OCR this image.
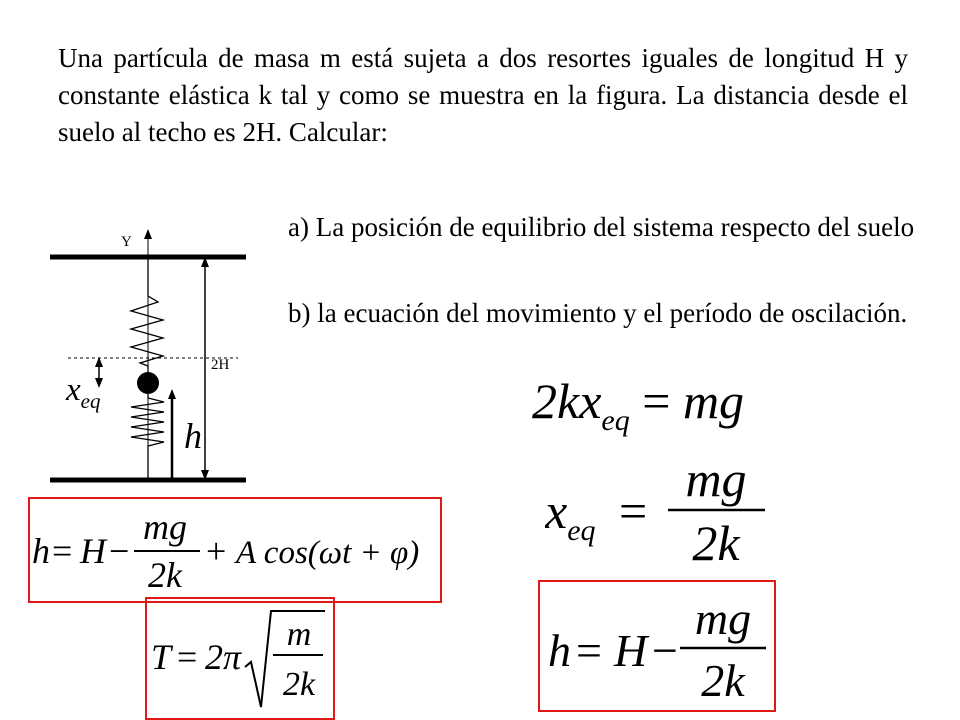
Una partícula de masa m está sujeta a dos resortes iguales de longitud H y constante elástica k tal y como se muestra en la figura. La distancia desde el suelo al techo es 2H. Calcular:
a) La posición de equilibrio del sistema respecto del suelo
b) la ecuación del movimiento y el período de oscilación.
Y
2H
$x_{eq}$
h
$2kx_{eq}$ = mg
$x_{eq}$ =
mg
2k
h = H −
mg
2k
h = H −
mg
2k
+ A cos(ωt + φ)
T = 2π
m
2k
